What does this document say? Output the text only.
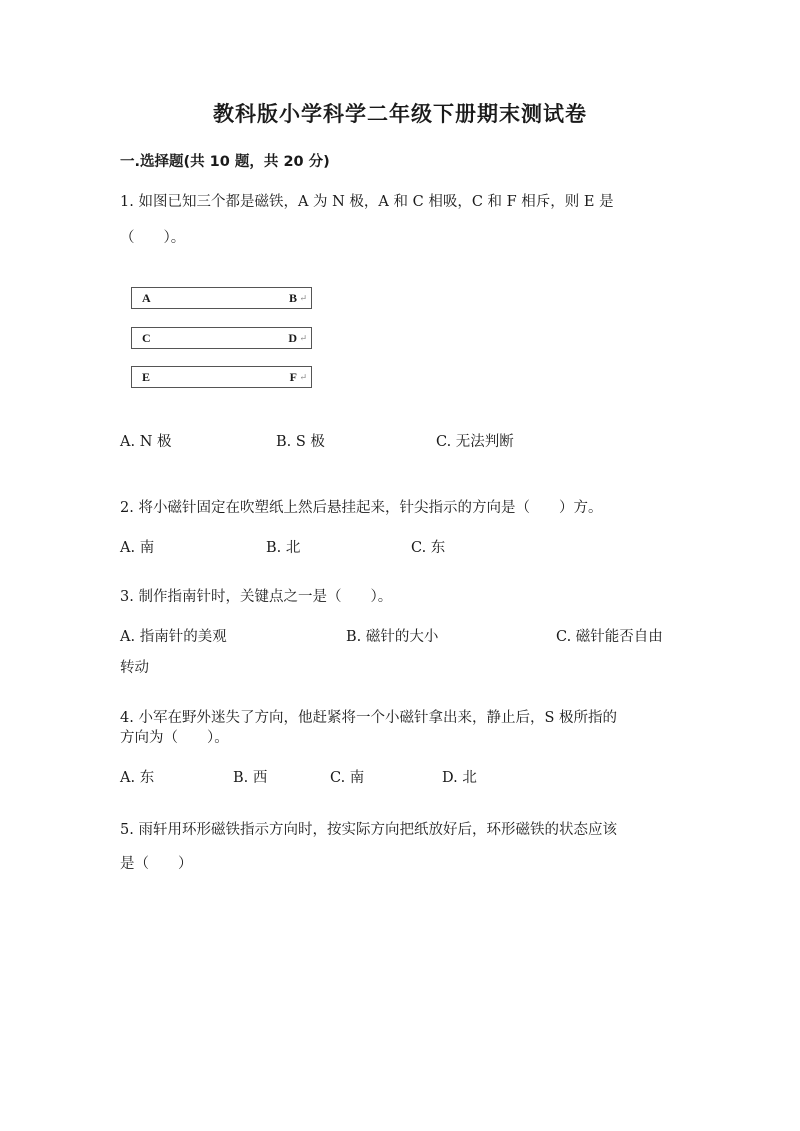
教科版小学科学二年级下册期末测试卷
一.选择题(共 10 题，共 20 分)
1. 如图已知三个都是磁铁，A 为 N 极，A 和 C 相吸，C 和 F 相斥，则 E 是
（　　）。
A	B ↵
C	D ↵
E	F ↵
A. N 极	B. S 极	C. 无法判断
2. 将小磁针固定在吹塑纸上然后悬挂起来，针尖指示的方向是（　　）方。
A. 南	B. 北	C. 东
3. 制作指南针时，关键点之一是（　　）。
A. 指南针的美观	B. 磁针的大小	C. 磁针能否自由
转动
4. 小军在野外迷失了方向，他赶紧将一个小磁针拿出来，静止后，S 极所指的
方向为（　　）。
A. 东	B. 西	C. 南	D. 北
5. 雨轩用环形磁铁指示方向时，按实际方向把纸放好后，环形磁铁的状态应该
是（　　）
